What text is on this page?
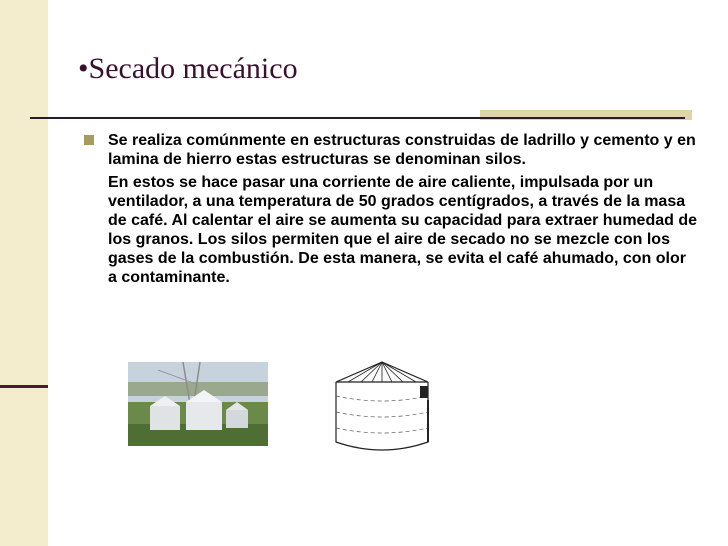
•Secado mecánico

Se realiza comúnmente en estructuras construidas de ladrillo y cemento y en lamina de hierro estas estructuras se denominan silos.

En estos se hace pasar una corriente de aire caliente, impulsada por un ventilador, a una temperatura de 50 grados centígrados, a través de la masa de café. Al calentar el aire se aumenta su capacidad para extraer humedad de los granos. Los silos permiten que el aire de secado no se mezcle con los gases de la combustión. De esta manera, se evita el café ahumado, con olor a contaminante.
